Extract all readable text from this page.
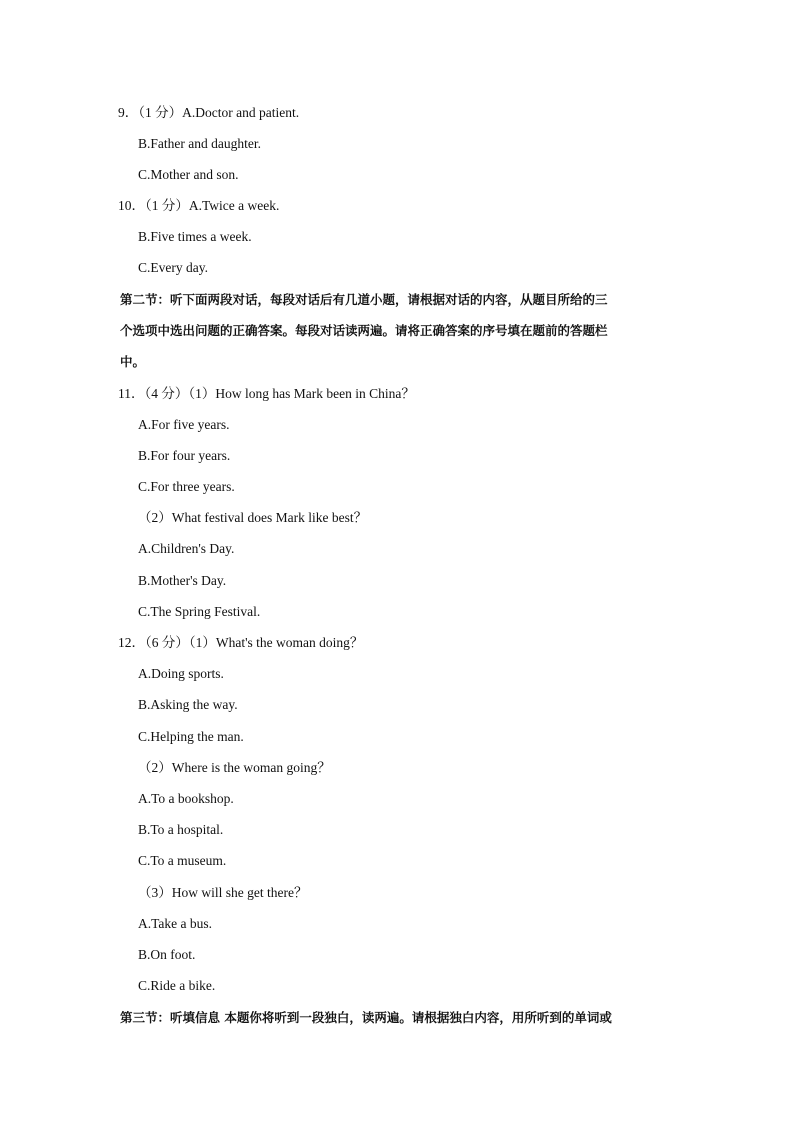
9．（1 分）A.Doctor and patient.
B.Father and daughter.
C.Mother and son.
10．（1 分）A.Twice a week.
B.Five times a week.
C.Every day.
第二节：听下面两段对话，每段对话后有几道小题，请根据对话的内容，从题目所给的三
个选项中选出问题的正确答案。每段对话读两遍。请将正确答案的序号填在题前的答题栏
中。
11．（4 分）（1）How long has Mark been in China？
A.For five years.
B.For four years.
C.For three years.
（2）What festival does Mark like best？
A.Children's Day.
B.Mother's Day.
C.The Spring Festival.
12．（6 分）（1）What's the woman doing？
A.Doing sports.
B.Asking the way.
C.Helping the man.
（2）Where is the woman going？
A.To a bookshop.
B.To a hospital.
C.To a museum.
（3）How will she get there？
A.Take a bus.
B.On foot.
C.Ride a bike.
第三节：听填信息 本题你将听到一段独白，读两遍。请根据独白内容，用所听到的单词或
